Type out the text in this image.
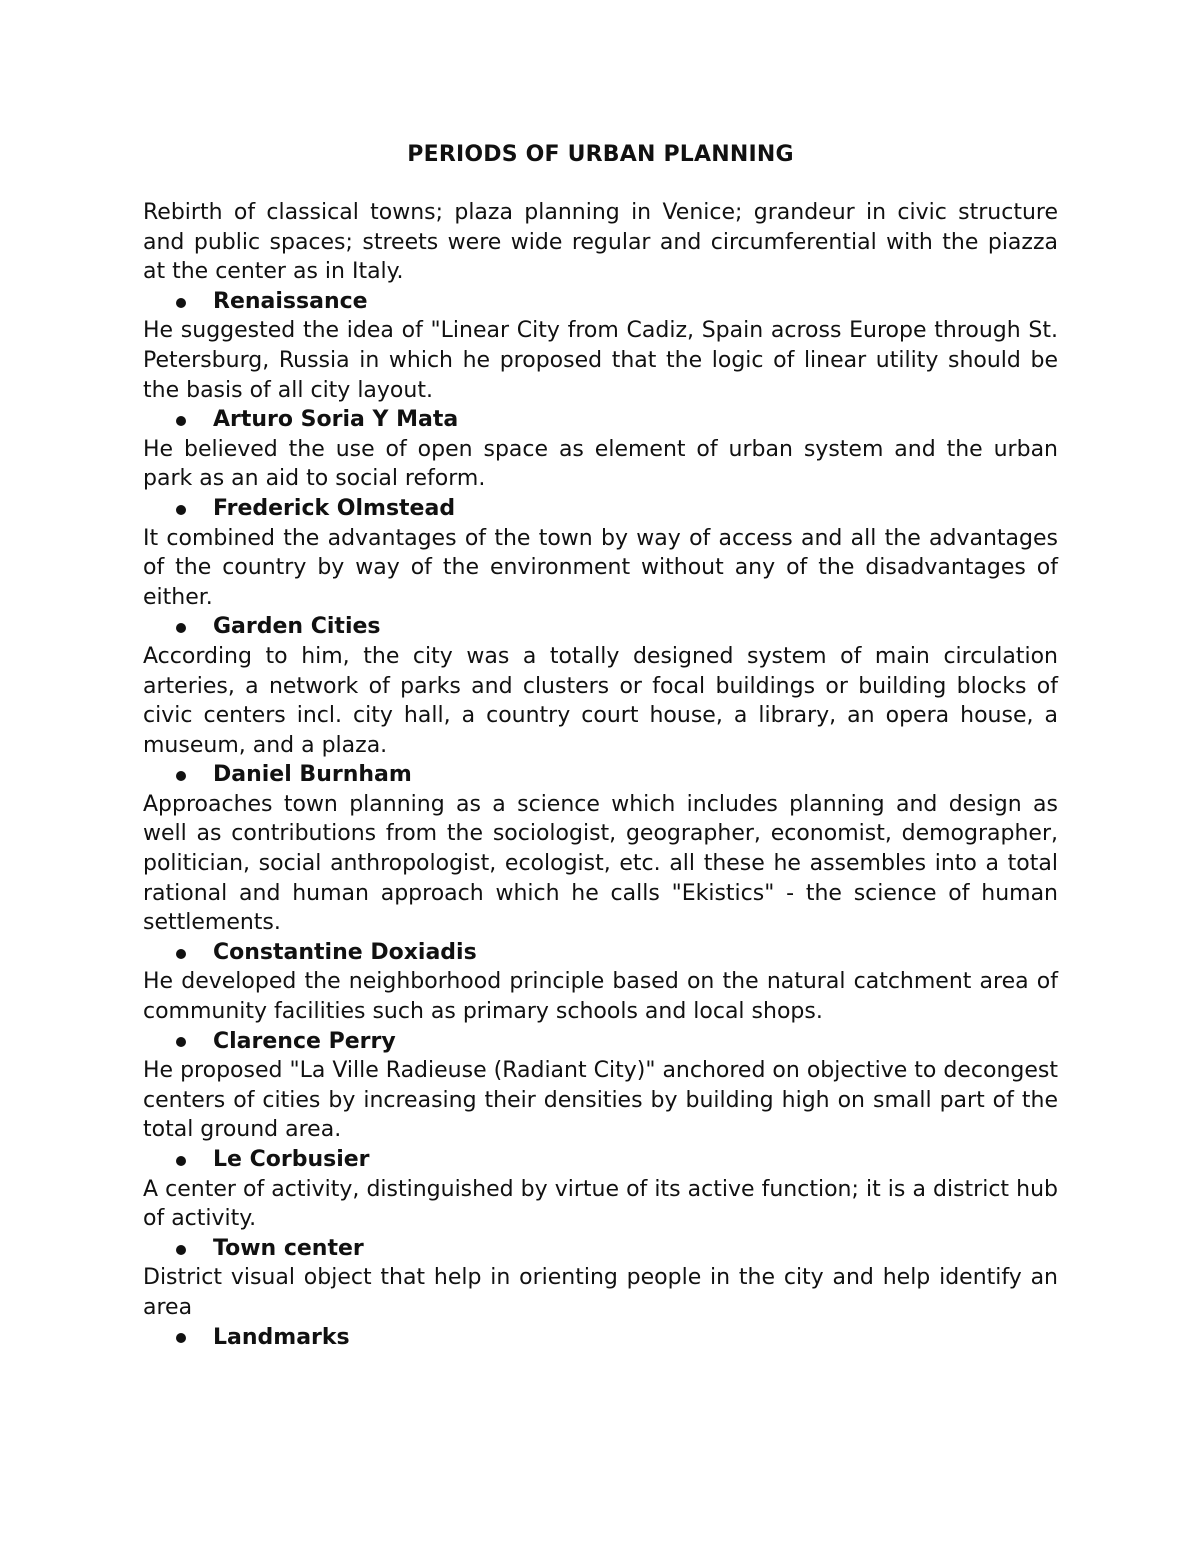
PERIODS OF URBAN PLANNING

Rebirth of classical towns; plaza planning in Venice; grandeur in civic structure and public spaces; streets were wide regular and circumferential with the piazza at the center as in Italy.

Renaissance

He suggested the idea of "Linear City from Cadiz, Spain across Europe through St. Petersburg, Russia in which he proposed that the logic of linear utility should be the basis of all city layout.

Arturo Soria Y Mata

He believed the use of open space as element of urban system and the urban park as an aid to social reform.

Frederick Olmstead

It combined the advantages of the town by way of access and all the advantages of the country by way of the environment without any of the disadvantages of either.

Garden Cities

According to him, the city was a totally designed system of main circulation arteries, a network of parks and clusters or focal buildings or building blocks of civic centers incl. city hall, a country court house, a library, an opera house, a museum, and a plaza.

Daniel Burnham

Approaches town planning as a science which includes planning and design as well as contributions from the sociologist, geographer, economist, demographer, politician, social anthropologist, ecologist, etc. all these he assembles into a total rational and human approach which he calls "Ekistics" - the science of human settlements.

Constantine Doxiadis

He developed the neighborhood principle based on the natural catchment area of community facilities such as primary schools and local shops.

Clarence Perry

He proposed "La Ville Radieuse (Radiant City)" anchored on objective to decongest centers of cities by increasing their densities by building high on small part of the total ground area.

Le Corbusier

A center of activity, distinguished by virtue of its active function; it is a district hub of activity.

Town center

District visual object that help in orienting people in the city and help identify an area

Landmarks
